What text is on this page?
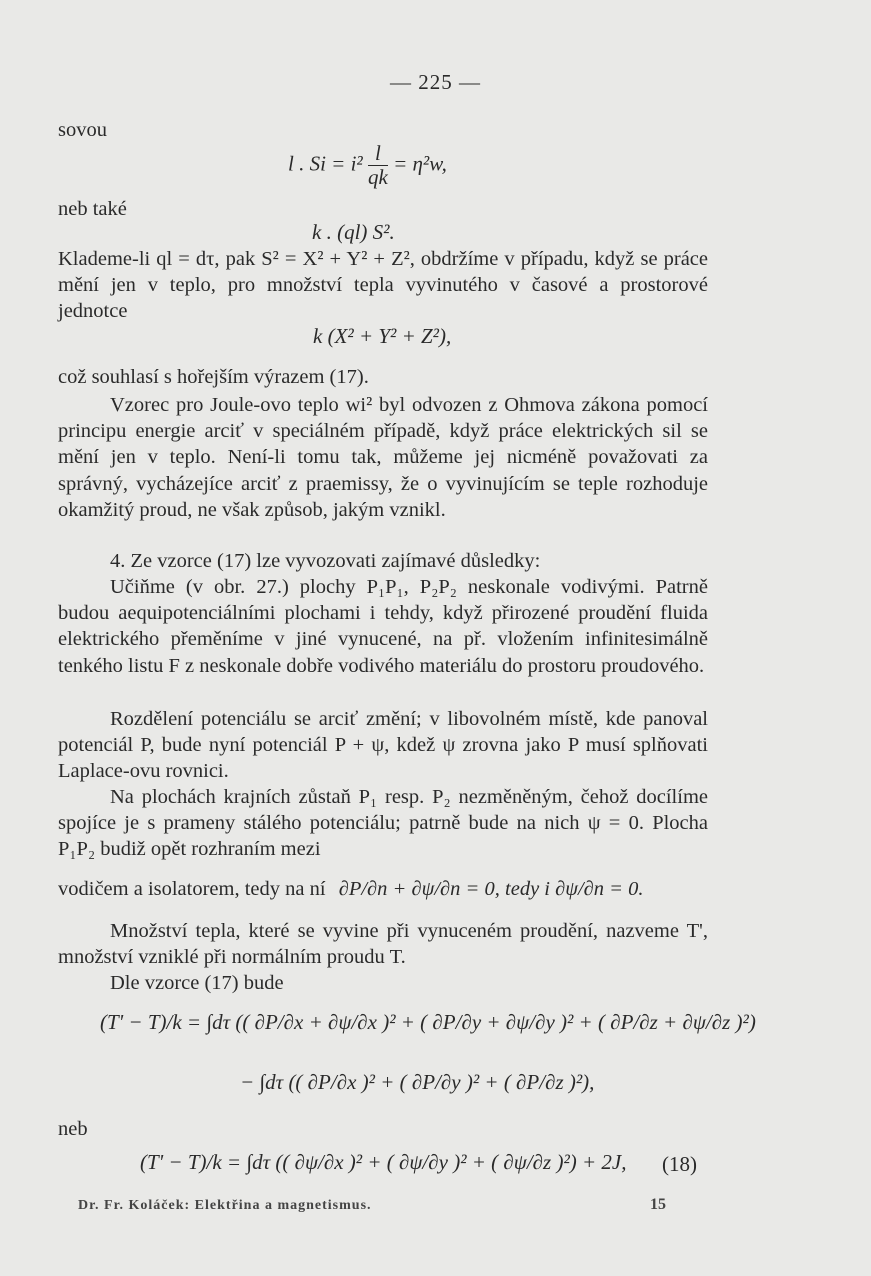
— 225 —
sovou
l . $Si = i^2 \frac{l}{qk} = \eta^2w$,
neb také
k . (ql) S².
Klademe-li ql = dτ, pak S² = X² + Y² + Z², obdržíme v případu, když se práce mění jen v teplo, pro množství tepla vyvinutého v časové a prostorové jednotce
k (X² + Y² + Z²),
což souhlasí s hořejším výrazem (17).
Vzorec pro Joule-ovo teplo wi² byl odvozen z Ohmova zákona pomocí principu energie arciť v speciálném případě, když práce elektrických sil se mění jen v teplo. Není-li tomu tak, můžeme jej nicméně považovati za správný, vycházejíce arciť z praemissy, že o vyvinujícím se teple rozhoduje okamžitý proud, ne však způsob, jakým vznikl.
4. Ze vzorce (17) lze vyvozovati zajímavé důsledky:
Učiňme (v obr. 27.) plochy P₁P₁, P₂P₂ neskonale vodivými. Patrně budou aequipotenciálními plochami i tehdy, když přirozené proudění fluida elektrického přeměníme v jiné vynucené, na př. vložením infinitesimálně tenkého listu F z neskonale dobře vodivého materiálu do prostoru proudového.
Rozdělení potenciálu se arciť změní; v libovolném místě, kde panoval potenciál P, bude nyní potenciál P + ψ, kdež ψ zrovna jako P musí splňovati Laplace-ovu rovnici.
Na plochách krajních zůstaň P₁ resp. P₂ nezměněným, čehož docílíme spojíce je s prameny stálého potenciálu; patrně bude na nich ψ = 0. Plocha P₁P₂ budiž opět rozhraním mezi
vodičem a isolatorem, tedy na ní ∂P/∂n + ∂ψ/∂n = 0, tedy i ∂ψ/∂n = 0.
Množství tepla, které se vyvine při vynuceném proudění, nazveme T', množství vzniklé při normálním proudu T.
Dle vzorce (17) bude
(T' − T)/k = ∫dτ (( ∂P/∂x + ∂ψ/∂x )² + ( ∂P/∂y + ∂ψ/∂y )² + ( ∂P/∂z + ∂ψ/∂z )²)
− ∫dτ (( ∂P/∂x )² + ( ∂P/∂y )² + ( ∂P/∂z )²),
neb
(T' − T)/k = ∫dτ (( ∂ψ/∂x )² + ( ∂ψ/∂y )² + ( ∂ψ/∂z )²) + 2J, (18)
Dr. Fr. Koláček: Elektřina a magnetismus.	15
